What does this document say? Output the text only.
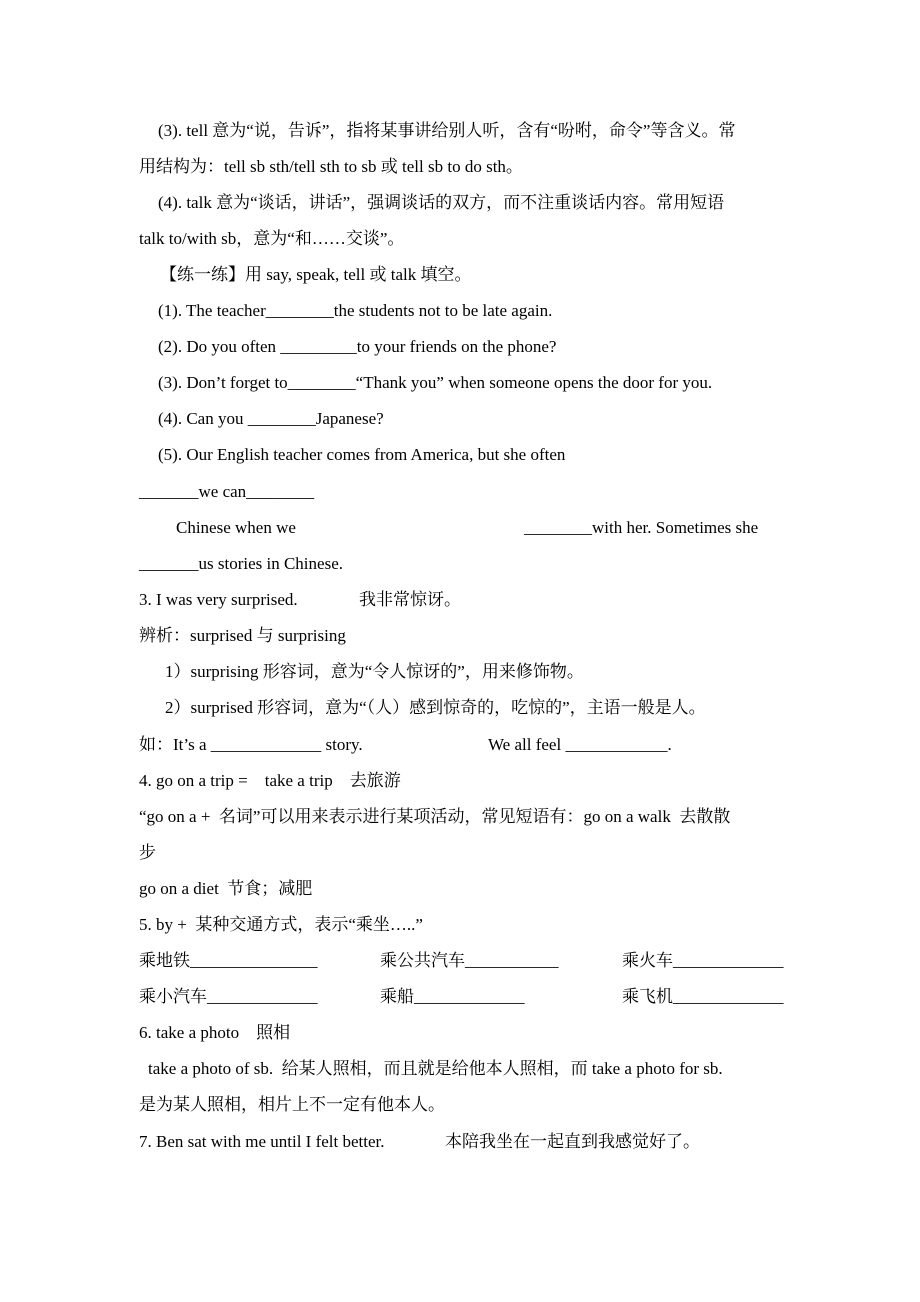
(3). tell 意为“说，告诉”，指将某事讲给别人听，含有“吩咐，命令”等含义。常
用结构为：tell sb sth/tell sth to sb 或 tell sb to do sth。
(4). talk 意为“谈话，讲话”，强调谈话的双方，而不注重谈话内容。常用短语
talk to/with sb，意为“和……交谈”。
【练一练】用 say, speak, tell 或 talk 填空。
(1). The teacher________the students not to be late again.
(2). Do you often _________to your friends on the phone?
(3). Don’t forget to________“Thank you” when someone opens the door for you.
(4). Can you ________Japanese?
(5). Our English teacher comes from America, but she often
_______we can________
Chinese when we	________with her. Sometimes she
_______us stories in Chinese.
3. I was very surprised.	我非常惊讶。
辨析：surprised 与 surprising
1）surprising 形容词，意为“令人惊讶的”，用来修饰物。
2）surprised 形容词，意为“（人）感到惊奇的，吃惊的”，主语一般是人。
如：It’s a _____________ story.	We all feel ____________.
4. go on a trip =    take a trip    去旅游
“go on a +  名词”可以用来表示进行某项活动，常见短语有：go on a walk  去散散
步
go on a diet  节食；减肥
5. by +  某种交通方式，表示“乘坐…..”
乘地铁_______________	乘公共汽车___________	乘火车_____________
乘小汽车_____________	乘船_____________	乘飞机_____________
6. take a photo    照相
take a photo of sb.  给某人照相，而且就是给他本人照相，而 take a photo for sb.
是为某人照相，相片上不一定有他本人。
7. Ben sat with me until I felt better.	本陪我坐在一起直到我感觉好了。
